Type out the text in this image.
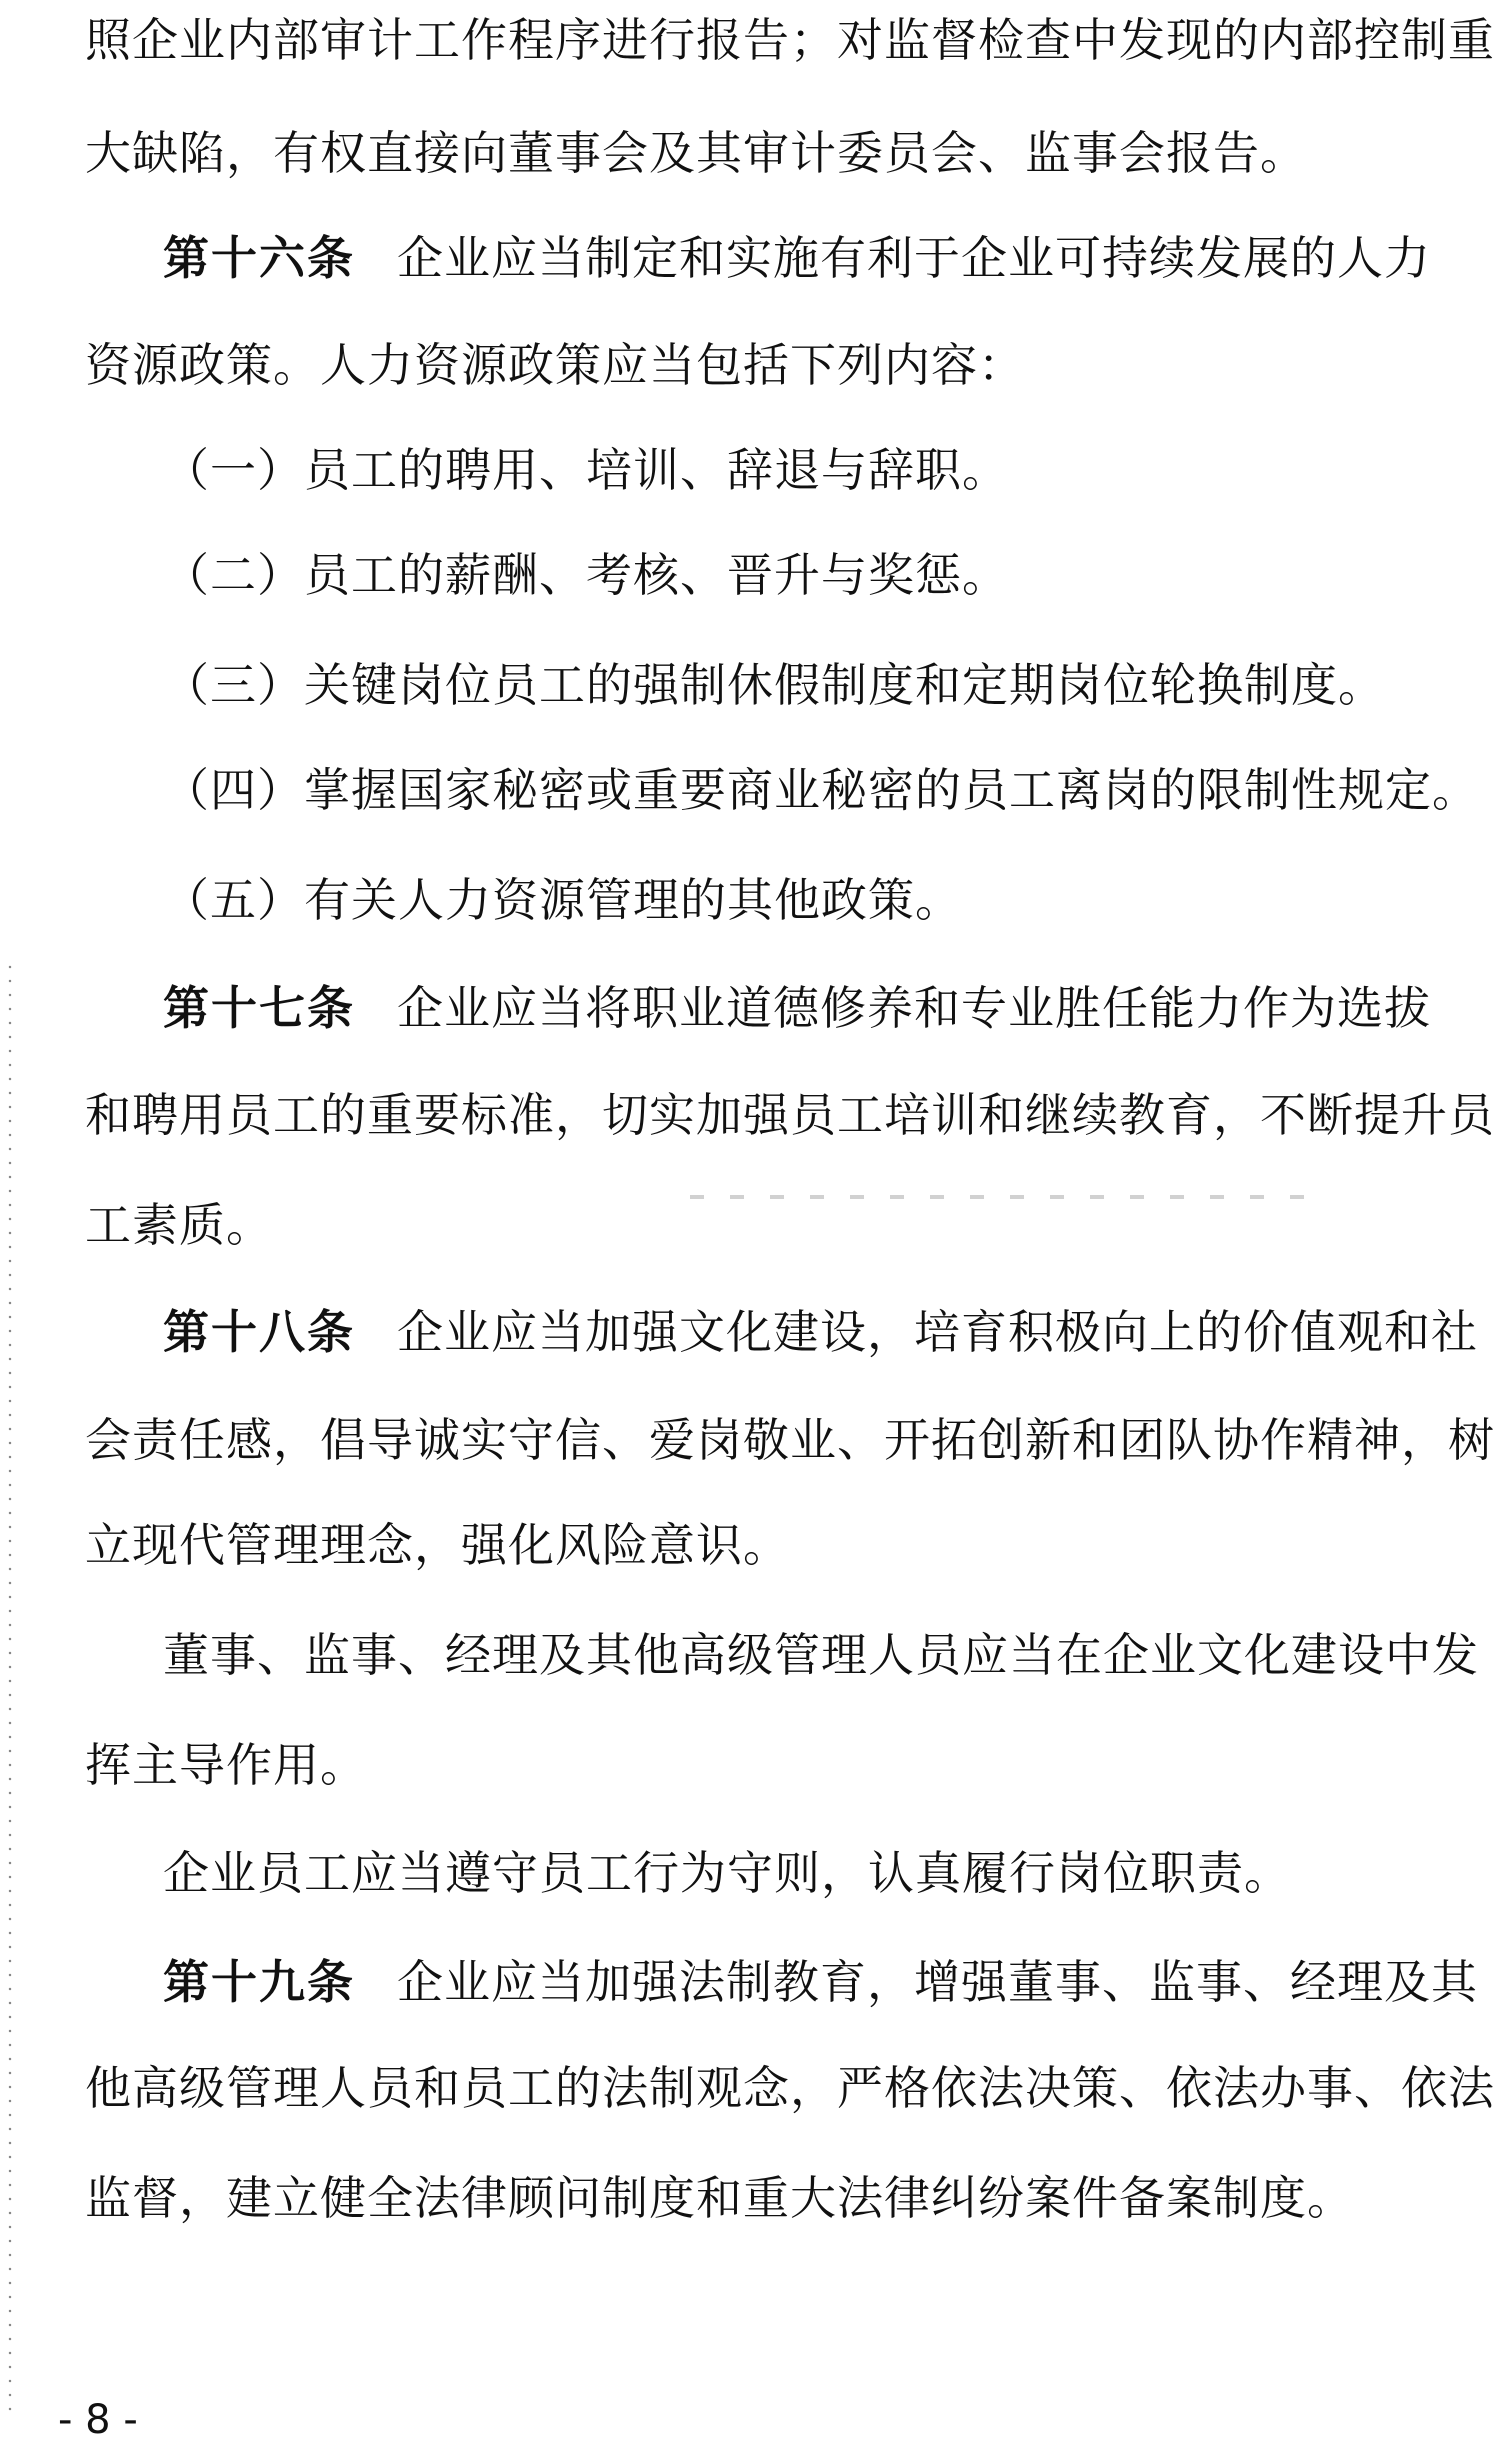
照企业内部审计工作程序进行报告；对监督检查中发现的内部控制重
大缺陷，有权直接向董事会及其审计委员会、监事会报告。
第十六条 企业应当制定和实施有利于企业可持续发展的人力
资源政策。人力资源政策应当包括下列内容：
（一）员工的聘用、培训、辞退与辞职。
（二）员工的薪酬、考核、晋升与奖惩。
（三）关键岗位员工的强制休假制度和定期岗位轮换制度。
（四）掌握国家秘密或重要商业秘密的员工离岗的限制性规定。
（五）有关人力资源管理的其他政策。
第十七条 企业应当将职业道德修养和专业胜任能力作为选拔
和聘用员工的重要标准，切实加强员工培训和继续教育，不断提升员
工素质。
第十八条 企业应当加强文化建设，培育积极向上的价值观和社
会责任感，倡导诚实守信、爱岗敬业、开拓创新和团队协作精神，树
立现代管理理念，强化风险意识。
董事、监事、经理及其他高级管理人员应当在企业文化建设中发
挥主导作用。
企业员工应当遵守员工行为守则，认真履行岗位职责。
第十九条 企业应当加强法制教育，增强董事、监事、经理及其
他高级管理人员和员工的法制观念，严格依法决策、依法办事、依法
监督，建立健全法律顾问制度和重大法律纠纷案件备案制度。
- 8 -
